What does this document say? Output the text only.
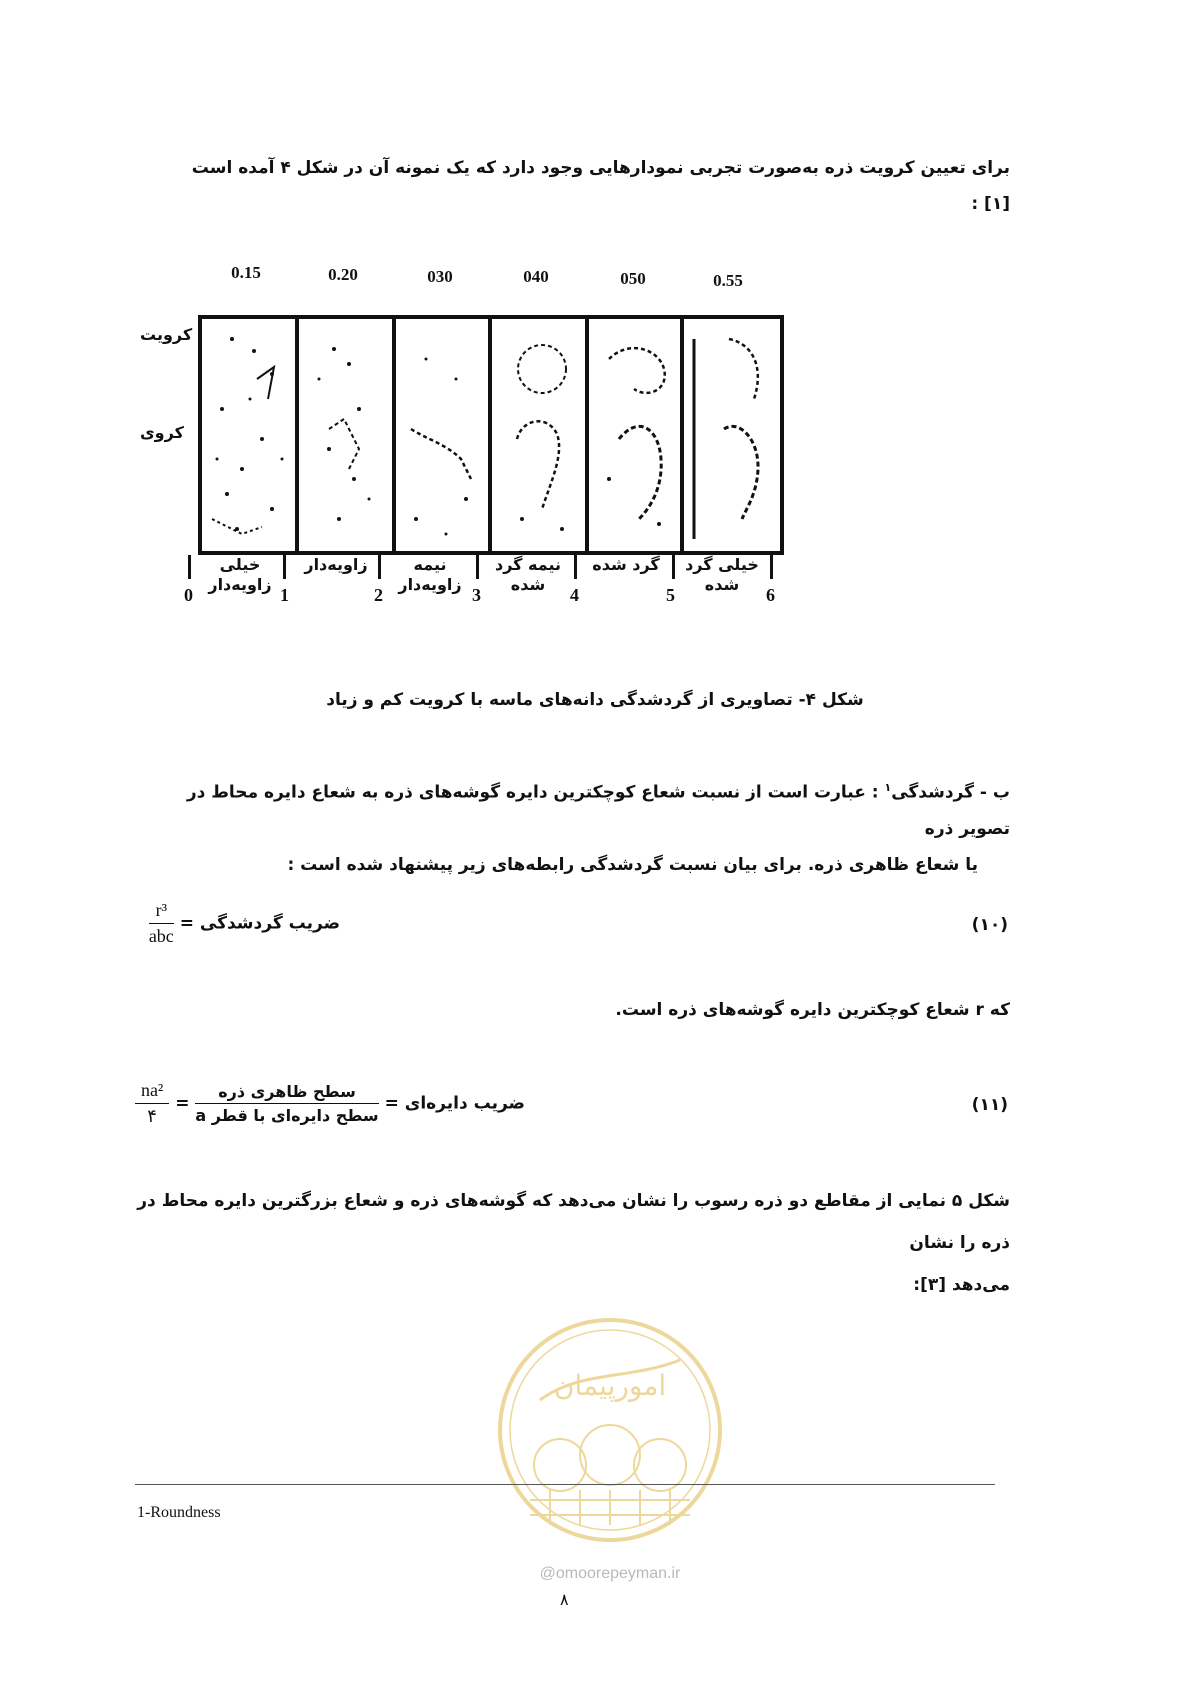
برای تعیین کرویت ذره به‌صورت تجربی نمودارهایی وجود دارد که یک نمونه آن در شکل ۴ آمده است [۱] :
کرویت
کروی
0.15	0.20	030	040	050	0.55
خیلی زاویه‌دار
زاویه‌دار	نیمه زاویه‌دار
نیمه گرد شده
گرد شده	خیلی گرد شده
0	1	2	3	4	5	6
شکل ۴- تصاویری از گردشدگی دانه‌های ماسه با کرویت کم و زیاد
ب - گردشدگی$^۱$ : عبارت است از نسبت شعاع کوچکترین دایره گوشه‌های ذره به شعاع دایره محاط در تصویر ذره
یا شعاع ظاهری ذره. برای بیان نسبت گردشدگی رابطه‌های زیر پیشنهاد شده است :
ضریب گردشدگی =
$\frac{\text{r³}}{\text{abc}}$	(۱۰)
که r شعاع کوچکترین دایره گوشه‌های ذره است.
ضریب دایره‌ای =
$\frac{\text{سطح ظاهری ذره}}{\text{سطح دایره‌ای با قطر a}}$
=
$\frac{\text{na²}}{۴}$	(۱۱)
شکل ۵ نمایی از مقاطع دو ذره رسوب را نشان می‌دهد که گوشه‌های ذره و شعاع بزرگترین دایره محاط در ذره را نشان
می‌دهد [۳]:
امورپیمان
1-Roundness
@omoorepeyman.ir
۸
